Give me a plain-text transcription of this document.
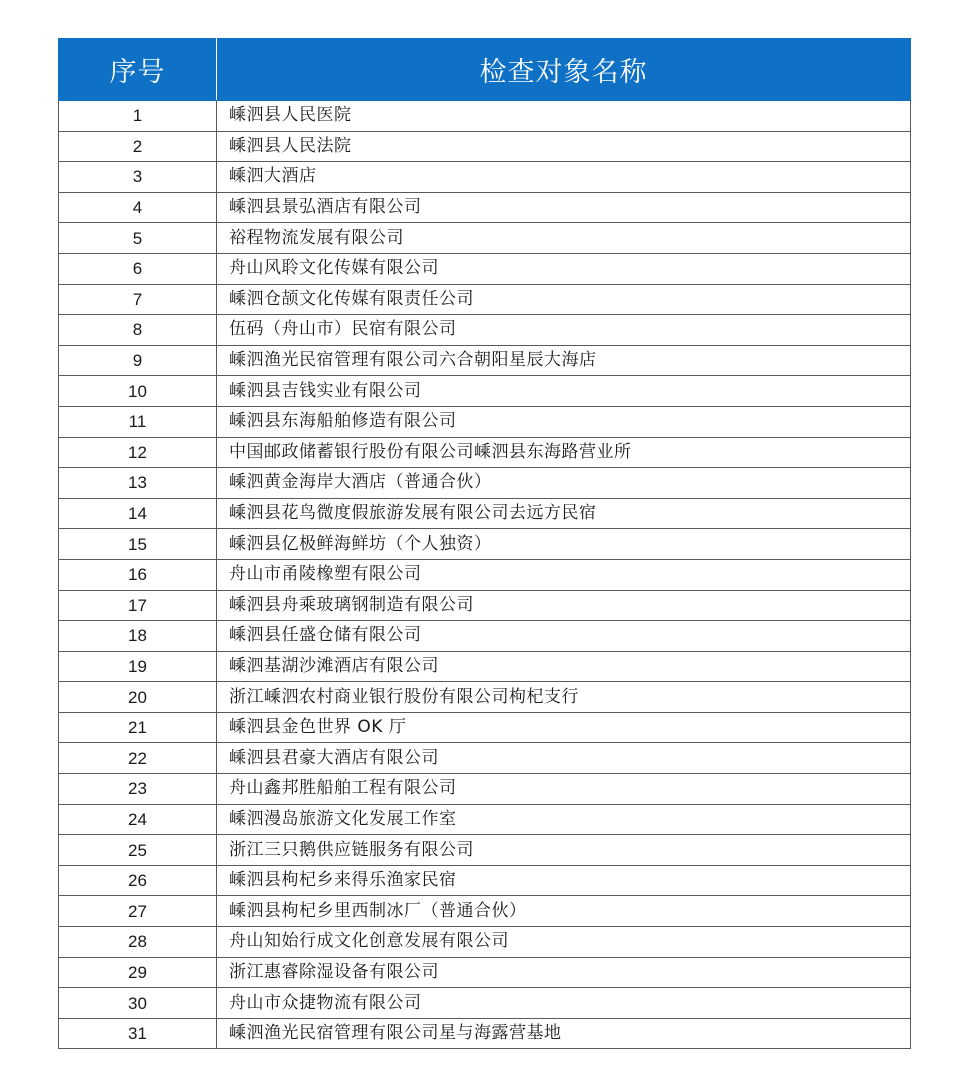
序号	检查对象名称
1	嵊泗县人民医院
2	嵊泗县人民法院
3	嵊泗大酒店
4	嵊泗县景弘酒店有限公司
5	裕程物流发展有限公司
6	舟山风聆文化传媒有限公司
7	嵊泗仓颉文化传媒有限责任公司
8	伍码（舟山市）民宿有限公司
9	嵊泗渔光民宿管理有限公司六合朝阳星辰大海店
10	嵊泗县吉钱实业有限公司
11	嵊泗县东海船舶修造有限公司
12	中国邮政储蓄银行股份有限公司嵊泗县东海路营业所
13	嵊泗黄金海岸大酒店（普通合伙）
14	嵊泗县花鸟微度假旅游发展有限公司去远方民宿
15	嵊泗县亿极鲜海鲜坊（个人独资）
16	舟山市甬陵橡塑有限公司
17	嵊泗县舟乘玻璃钢制造有限公司
18	嵊泗县任盛仓储有限公司
19	嵊泗基湖沙滩酒店有限公司
20	浙江嵊泗农村商业银行股份有限公司枸杞支行
21	嵊泗县金色世界 OK 厅
22	嵊泗县君豪大酒店有限公司
23	舟山鑫邦胜船舶工程有限公司
24	嵊泗漫岛旅游文化发展工作室
25	浙江三只鹅供应链服务有限公司
26	嵊泗县枸杞乡来得乐渔家民宿
27	嵊泗县枸杞乡里西制冰厂（普通合伙）
28	舟山知始行成文化创意发展有限公司
29	浙江惠睿除湿设备有限公司
30	舟山市众捷物流有限公司
31	嵊泗渔光民宿管理有限公司星与海露营基地
